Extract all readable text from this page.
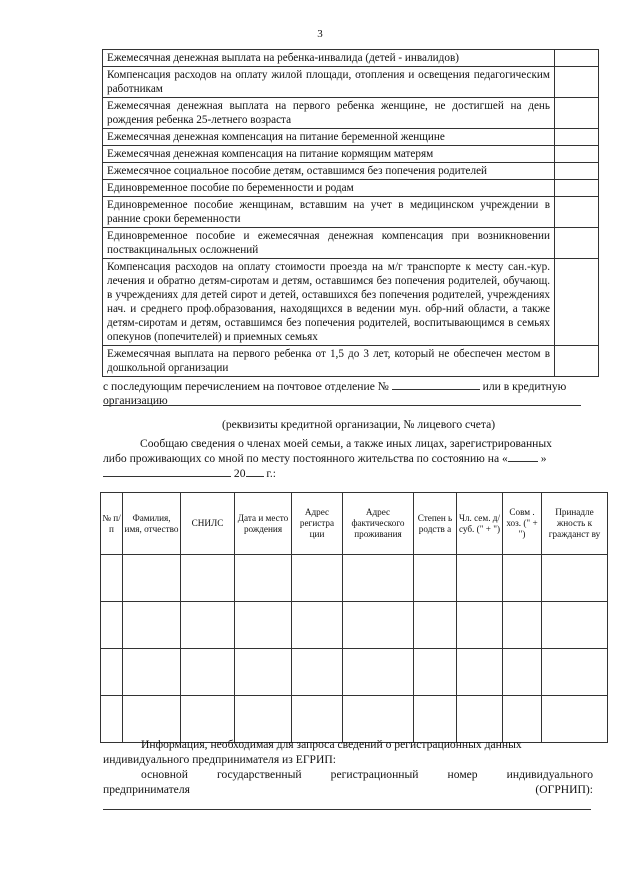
3
Ежемесячная денежная выплата на ребенка-инвалида (детей - инвалидов)	
Компенсация расходов на оплату жилой площади, отопления и освещения педагогическим работникам	
Ежемесячная денежная выплата на первого ребенка женщине, не достигшей на день рождения ребенка 25-летнего возраста	
Ежемесячная денежная компенсация на питание беременной женщине	
Ежемесячная денежная компенсация на питание кормящим матерям	
Ежемесячное социальное пособие детям, оставшимся без попечения родителей	
Единовременное пособие по беременности и родам	
Единовременное пособие женщинам, вставшим на учет в медицинском учреждении в ранние сроки беременности	
Единовременное пособие и ежемесячная денежная компенсация при возникновении поствакцинальных осложнений	
Компенсация расходов на оплату стоимости проезда на м/г транспорте к месту сан.-кур. лечения и обратно детям-сиротам и детям, оставшимся без попечения родителей, обучающ. в учреждениях для детей сирот и детей, оставшихся без попечения родителей, учреждениях нач. и среднего проф.образования, находящихся в ведении мун. обр-ний области, а также детям-сиротам и детям, оставшимся без попечения родителей, воспитывающимся в семьях опекунов (попечителей) и приемных семьях	
Ежемесячная выплата на первого ребенка от 1,5 до 3 лет, который не обеспечен местом в дошкольной организации	
с последующим перечислением на почтовое отделение №	или в кредитную
организацию
(реквизиты кредитной организации, № лицевого счета)
Сообщаю сведения о членах моей семьи, а также иных лицах, зарегистрированных
либо проживающих со мной по месту постоянного жительства по состоянию на «	»
20 г.:
№ п/ п	Фамилия, имя, отчество	СНИЛС	Дата и место рождения	Адрес регистра ции	Адрес фактического проживания	Степен ь родств а	Чл. сем. д/суб. (" + ")	Совм . хоз. (" + ")	Принадле жность к гражданст ву

Информация, необходимая для запроса сведений о регистрационных данных
индивидуального предпринимателя из ЕГРИП:
основной	государственный	регистрационный	номер	индивидуального
предпринимателя	(ОГРНИП):
